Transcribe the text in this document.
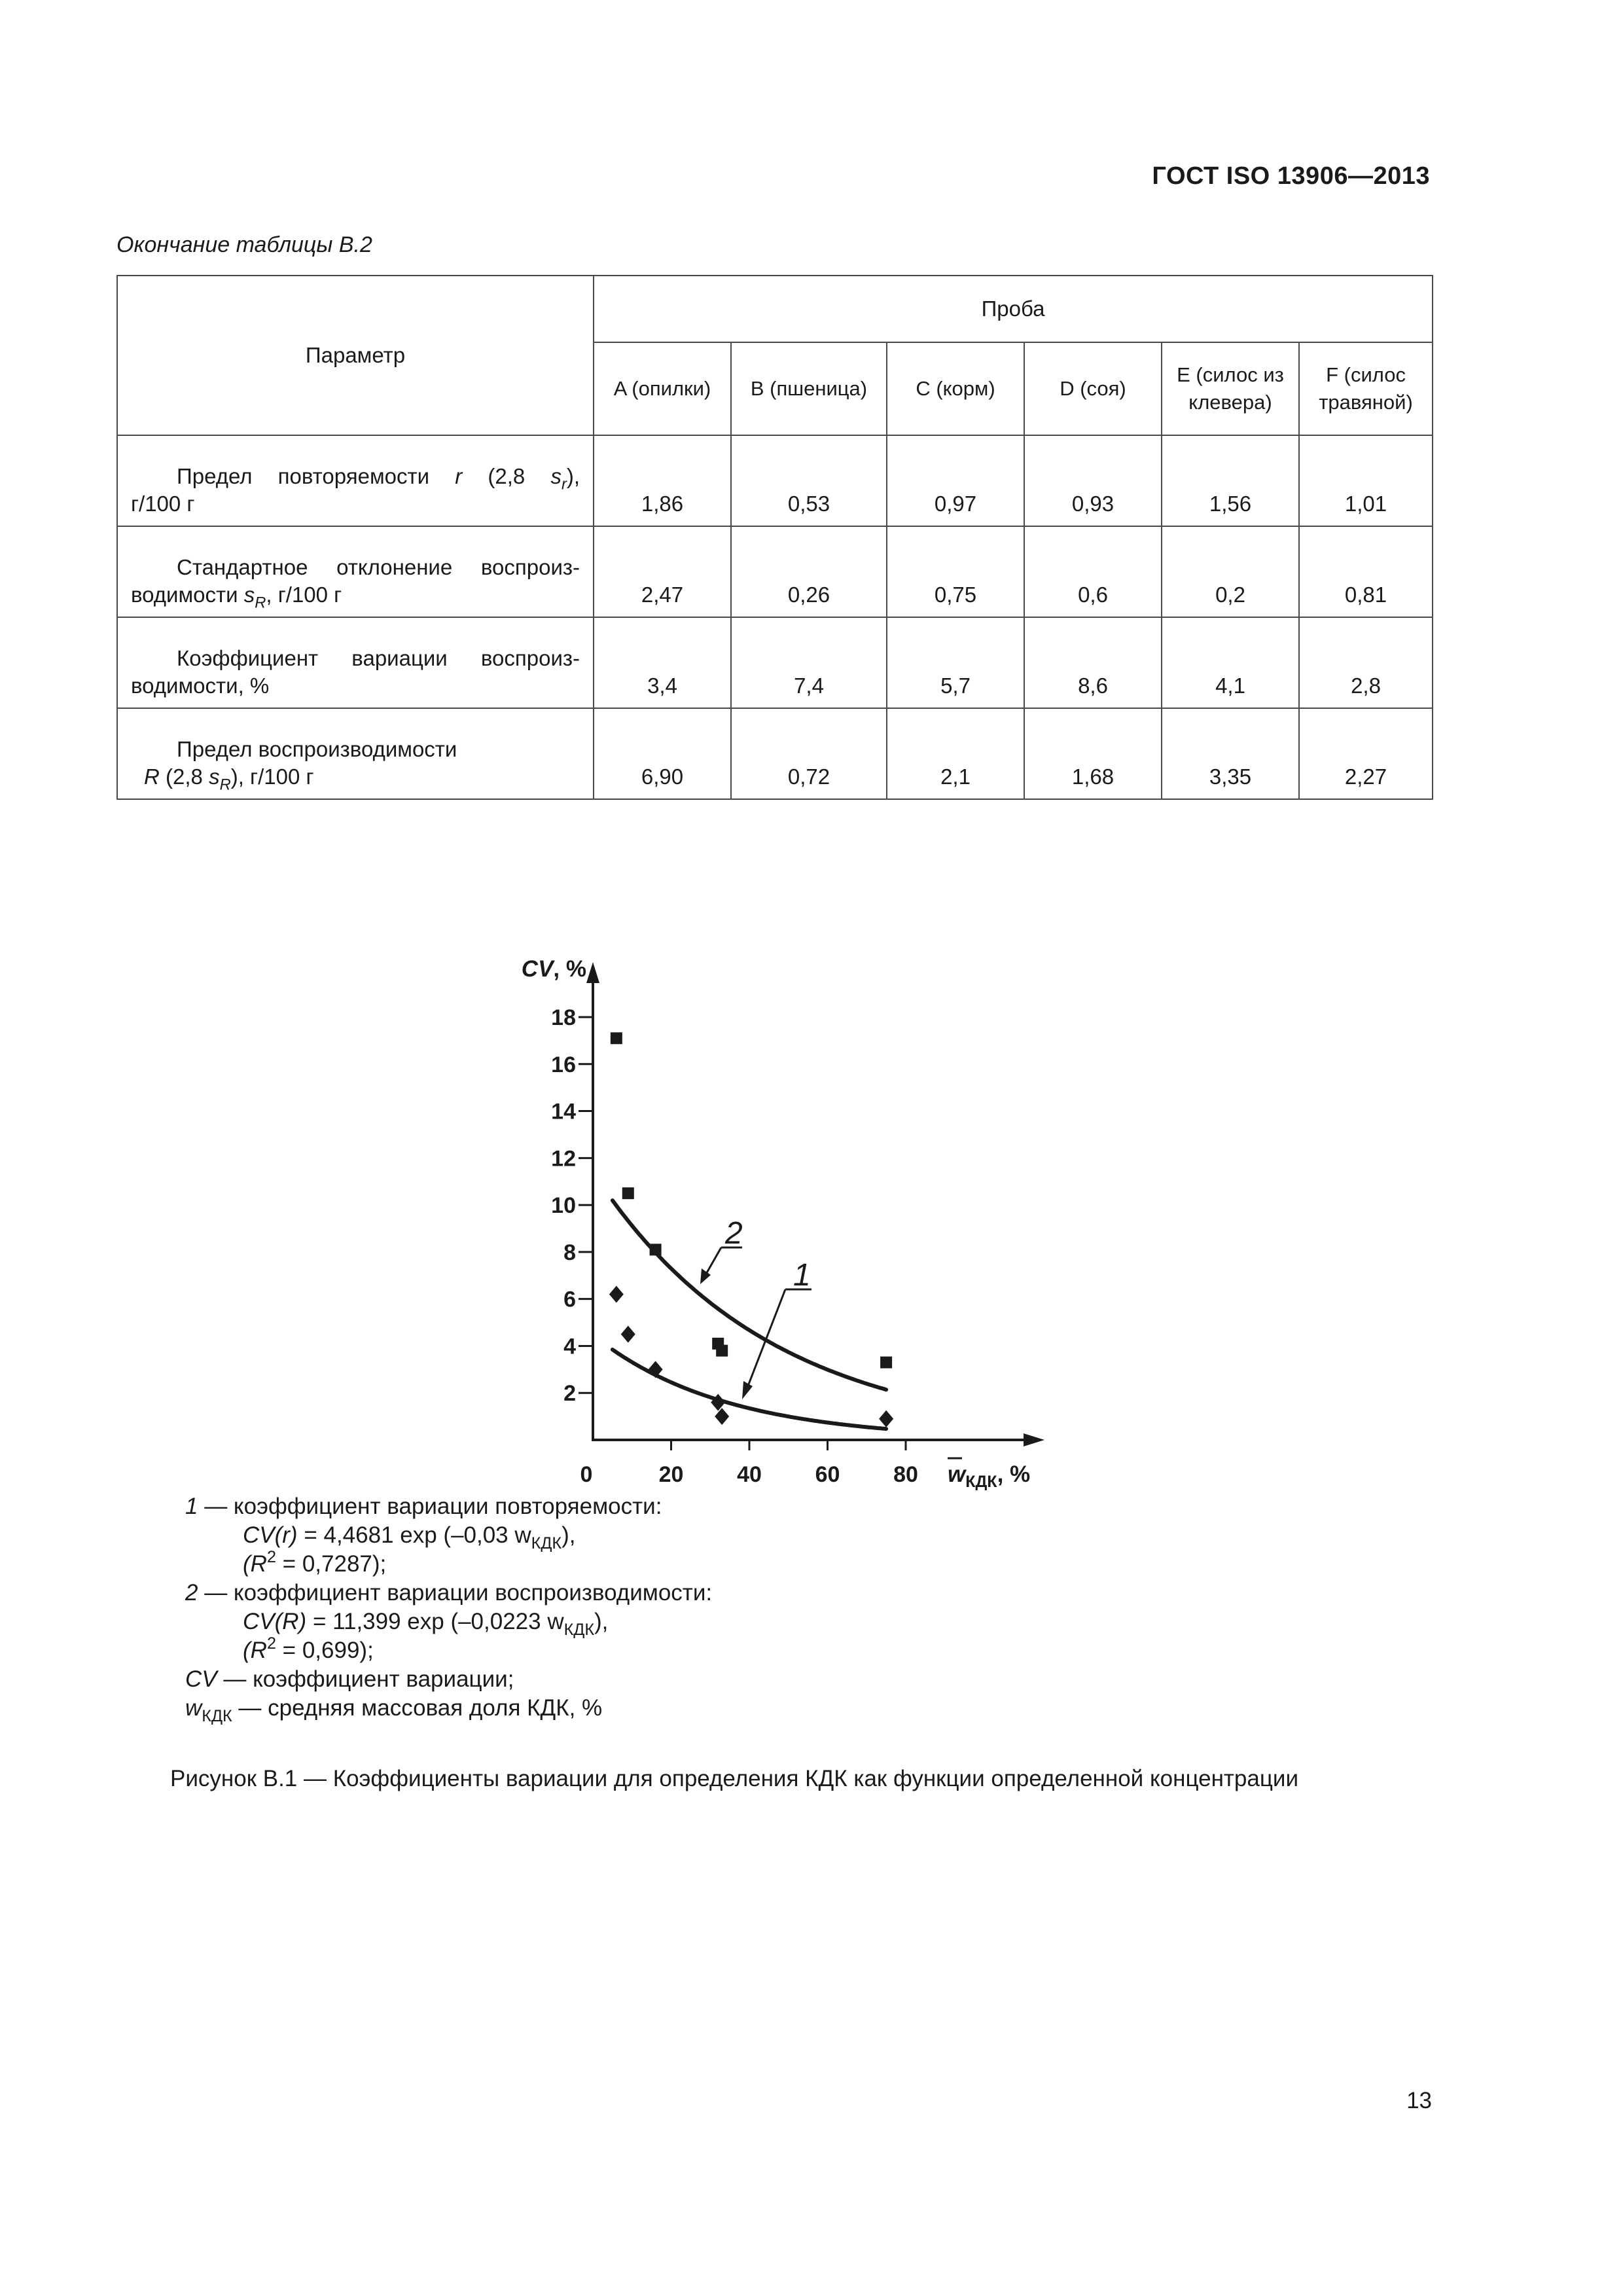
ГОСТ ISO 13906—2013
Окончание таблицы В.2
Параметр	Проба					
	A (опилки)	B (пшеница)	C (корм)	D (соя)	E (силос из клевера)	F (силос травяной)

Предел повторяемости r (2,8 $s_r$),
г/100 г	1,86	0,53	0,97	0,93	1,56	1,01

Стандартное отклонение воспроиз-
водимости $s_R$, г/100 г	2,47	0,26	0,75	0,6	0,2	0,81

Коэффициент вариации воспроиз-
водимости, %	3,4	7,4	5,7	8,6	4,1	2,8

Предел воспроизводимости
R (2,8 $s_R$), г/100 г	6,90	0,72	2,1	1,68	3,35	2,27
2
4
6
8
10
12
14
16
18
0	20 40 60 80
CV, %
$w_{КДК}$, %
2
1
1 — коэффициент вариации повторяемости:
CV(r) = 4,4681 exp (–0,03 $w_{КДК}$),
$(R^2 = 0,7287)$;
2 — коэффициент вариации воспроизводимости:
CV(R) = 11,399 exp (–0,0223 $w_{КДК}$),
$(R^2 = 0,699)$;
CV — коэффициент вариации;
$w_{КДК}$ — средняя массовая доля КДК, %
Рисунок В.1 — Коэффициенты вариации для определения КДК как функции определенной концентрации
13
